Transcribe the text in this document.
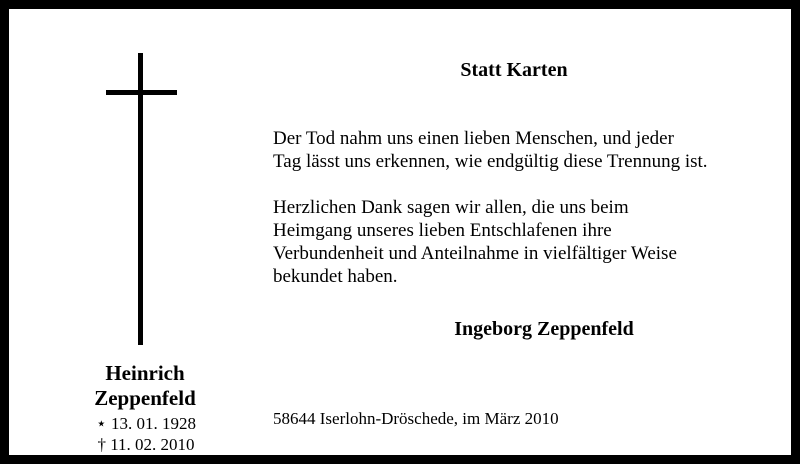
Statt Karten

Der Tod nahm uns einen lieben Menschen, und jeder
Tag lässt uns erkennen, wie endgültig diese Trennung ist.

Herzlichen Dank sagen wir allen, die uns beim
Heimgang unseres lieben Entschlafenen ihre
Verbundenheit und Anteilnahme in vielfältiger Weise
bekundet haben.

Ingeborg Zeppenfeld
Heinrich
Zeppenfeld
⋆ 13. 01. 1928
† 11. 02. 2010
58644 Iserlohn-Dröschede, im März 2010
